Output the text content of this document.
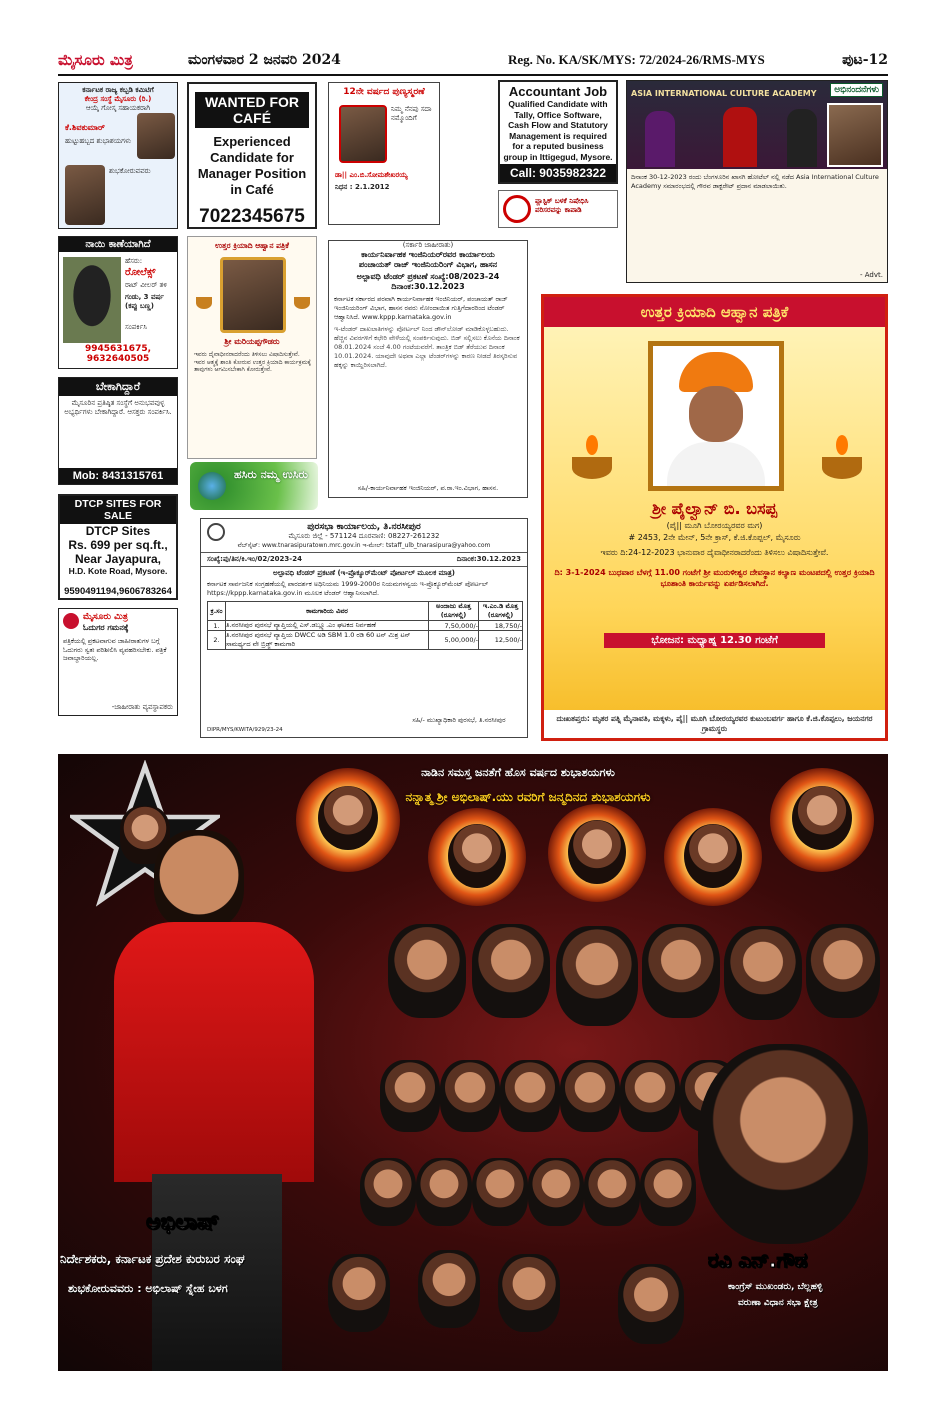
ಮೈಸೂರು ಮಿತ್ರ	ಮಂಗಳವಾರ 2 ಜನವರಿ 2024	Reg. No. KA/SK/MYS: 72/2024-26/RMS-MYS	ಪುಟ-12
ಕರ್ನಾಟಕ ರಾಜ್ಯ ಕಬ್ಬಡಿ ಕಮಿಟಿಗೆ
ಕೇಂದ್ರ ಸಂಸ್ಥೆ ಮೈಸೂರು (ರಿ.)
ಆಯ್ಕೆ ಗೋಸ್ಕ ಸಹಾಯಕರಾಗಿ
ಕೆ.ಶಿವಕುಮಾರ್
ಹುಟ್ಟುಹಬ್ಬದ ಶುಭಾಶಯಗಳು
ಶುಭಕೋರುವವರು
WANTED FOR CAFÉ
Experienced Candidate for Manager Position in Café
7022345675
12ನೇ ವರ್ಷದ ಪುಣ್ಯಸ್ಮರಣೆ
ನಿಮ್ಮ ನೆನಪು ಸದಾ ನಮ್ಮೊಂದಿಗೆ
ಡಾ|| ಎಂ.ಬಿ.ಸೋಮಶೇಖರಯ್ಯ
ನಿಧನ : 2.1.2012
Accountant Job
Qualified Candidate with Tally, Office Software, Cash Flow and Statutory Management is required for a reputed business group in Ittigegud, Mysore.
Call: 9035982322
ಪ್ಲಾಸ್ಟಿಕ್ ಬಳಕೆ ನಿಷೇಧಿಸಿ ಪರಿಸರವನ್ನು ಕಾಪಾಡಿ
ASIA INTERNATIONAL CULTURE ACADEMY	ಅಭಿನಂದನೆಗಳು
ದಿನಾಂಕ 30-12-2023 ರಂದು ಬೆಂಗಳೂರಿನ ಖಾಸಗಿ ಹೋಟೆಲ್ ನಲ್ಲಿ ನಡೆದ Asia International Culture Academy ಸಮಾರಂಭದಲ್ಲಿ ಗೌರವ ಡಾಕ್ಟರೇಟ್ ಪ್ರದಾನ ಮಾಡಲಾಯಿತು.
- Advt.
ನಾಯಿ ಕಾಣೆಯಾಗಿದೆ
ಹೆಸರು:
ರೋಲೆಕ್ಸ್
ರಾಟ್ ವೀಲರ್ ತಳಿ
ಗಂಡು, 3 ವರ್ಷ (ಕಪ್ಪು ಬಣ್ಣ)
ಸಂಪರ್ಕಿಸಿ
9945631675, 9632640505
ಉತ್ತರ ಕ್ರಿಯಾದಿ ಆಹ್ವಾನ ಪತ್ರಿಕೆ
ಶ್ರೀ ಮರಿಯಪ್ಪಗೌಡರು
ಇವರು ದೈವಾಧೀನರಾದರೆಂದು ತಿಳಿಸಲು ವಿಷಾದಿಸುತ್ತೇವೆ. ಇವರ ಆತ್ಮಕ್ಕೆ ಶಾಂತಿ ಕೋರುವ ಉತ್ತರ ಕ್ರಿಯಾದಿ ಕಾರ್ಯಕ್ರಮಕ್ಕೆ ತಾವುಗಳು ಆಗಮಿಸಬೇಕಾಗಿ ಕೋರುತ್ತೇವೆ.
(ಸರ್ಕಾರಿ ಜಾಹೀರಾತು)
ಕಾರ್ಯನಿರ್ವಾಹಕ ಇಂಜಿನಿಯರ್‌ರವರ ಕಾರ್ಯಾಲಯ
ಪಂಚಾಯತ್ ರಾಜ್ ಇಂಜಿನಿಯರಿಂಗ್ ವಿಭಾಗ, ಹಾಸನ
ಅಲ್ಪಾವಧಿ ಟೆಂಡರ್ ಪ್ರಕಟಣೆ ಸಂಖ್ಯೆ:08/2023-24
ದಿನಾಂಕ:30.12.2023
ಕರ್ನಾಟಕ ಸರ್ಕಾರದ ಪರವಾಗಿ ಕಾರ್ಯನಿರ್ವಾಹಕ ಇಂಜಿನಿಯರ್, ಪಂಚಾಯತ್ ರಾಜ್ ಇಂಜಿನಿಯರಿಂಗ್ ವಿಭಾಗ, ಹಾಸನ ರವರು ನೋಂದಾಯಿತ ಗುತ್ತಿಗೆದಾರರಿಂದ ಟೆಂಡರ್ ಆಹ್ವಾನಿಸಿದೆ. www.kppp.karnataka.gov.in
ಇ-ಟೆಂಡರ್ ದಾಖಲಾತಿಗಳನ್ನು ಪೋರ್ಟಲ್ ನಿಂದ ಡೌನ್‌ಲೋಡ್ ಮಾಡಿಕೊಳ್ಳಬಹುದು. ಹೆಚ್ಚಿನ ವಿವರಗಳಿಗೆ ಕಛೇರಿ ವೇಳೆಯಲ್ಲಿ ಸಂಪರ್ಕಿಸುವುದು. ಬಿಡ್ ಸಲ್ಲಿಸಲು ಕೊನೆಯ ದಿನಾಂಕ 08.01.2024 ಸಂಜೆ 4.00 ಗಂಟೆಯವರೆಗೆ. ತಾಂತ್ರಿಕ ಬಿಡ್ ತೆರೆಯುವ ದಿನಾಂಕ 10.01.2024. ಯಾವುದೇ ಅಥವಾ ಎಲ್ಲಾ ಟೆಂಡರ್‌ಗಳನ್ನು ಕಾರಣ ನೀಡದೆ ತಿರಸ್ಕರಿಸುವ ಹಕ್ಕನ್ನು ಕಾಯ್ದಿರಿಸಲಾಗಿದೆ.
ಸಹಿ/-ಕಾರ್ಯನಿರ್ವಾಹಕ ಇಂಜಿನಿಯರ್, ಪ.ರಾ.ಇಂ.ವಿಭಾಗ, ಹಾಸನ.
ಬೇಕಾಗಿದ್ದಾರೆ
ಮೈಸೂರಿನ ಪ್ರತಿಷ್ಠಿತ ಸಂಸ್ಥೆಗೆ ಅನುಭವವುಳ್ಳ ಅಭ್ಯರ್ಥಿಗಳು ಬೇಕಾಗಿದ್ದಾರೆ. ಆಸಕ್ತರು ಸಂಪರ್ಕಿಸಿ.
Mob: 8431315761	ಹಸಿರು ನಮ್ಮ ಉಸಿರು
DTCP SITES FOR SALE
DTCP Sites
Rs. 699 per sq.ft.,
Near Jayapura,
H.D. Kote Road, Mysore.
9590491194,9606783264
ಮೈಸೂರು ಮಿತ್ರ
ಓದುಗರ ಗಮನಕ್ಕೆ
ಪತ್ರಿಕೆಯಲ್ಲಿ ಪ್ರಕಟವಾಗುವ ಜಾಹೀರಾತುಗಳ ಬಗ್ಗೆ ಓದುಗರು ಸ್ವತಃ ಪರಿಶೀಲಿಸಿ ವ್ಯವಹರಿಸಬೇಕು. ಪತ್ರಿಕೆ ಜವಾಬ್ದಾರಿಯಲ್ಲ.
-ಜಾಹೀರಾತು ವ್ಯವಸ್ಥಾಪಕರು
ಪುರಸಭಾ ಕಾರ್ಯಾಲಯ, ತಿ.ನರಸೀಪುರ
ಮೈಸೂರು ಜಿಲ್ಲೆ - 571124 ದೂರವಾಣಿ: 08227-261232
ವೆಬ್‌ಸೈಟ್: www.tnarasipuratown.mrc.gov.in ಇ-ಮೇಲ್: tstaff_ulb_tnarasipura@yahoo.com
ಸಂಖ್ಯೆ:ಪು/ತಿನ/ಕಿ.ಇಂ/02/2023-24	ದಿನಾಂಕ:30.12.2023
ಅಲ್ಪಾವಧಿ ಟೆಂಡರ್ ಪ್ರಕಟಣೆ (ಇ-ಪ್ರೊಕ್ಯೂರ್‌ಮೆಂಟ್ ಪೋರ್ಟಲ್ ಮೂಲಕ ಮಾತ್ರ)
ಕರ್ನಾಟಕ ಸಾರ್ವಜನಿಕ ಸಂಗ್ರಹಣೆಯಲ್ಲಿ ಪಾರದರ್ಶಕ ಅಧಿನಿಯಮ 1999-2000ರ ನಿಯಮಗಳನ್ವಯ ಇ-ಪ್ರೊಕ್ಯೂರ್‌ಮೆಂಟ್ ಪೋರ್ಟಲ್ https://kppp.karnataka.gov.in ಮೂಲಕ ಟೆಂಡರ್ ಆಹ್ವಾನಿಸಲಾಗಿದೆ.
ಕ್ರ.ಸಂ	ಕಾಮಗಾರಿಯ ವಿವರ	ಅಂದಾಜು ಮೊತ್ತ (ರೂಗಳಲ್ಲಿ)	ಇ.ಎಂ.ಡಿ ಮೊತ್ತ (ರೂಗಳಲ್ಲಿ)
1.	ತಿ.ನರಸೀಪುರ ಪುರಸಭೆ ವ್ಯಾಪ್ತಿಯಲ್ಲಿ ಎಸ್.ಡಬ್ಲ್ಯೂ.ಎಂ ಘಟಕದ ನಿರ್ವಹಣೆ	7,50,000/-	18,750/-
2.	ತಿ.ನರಸೀಪುರ ಪುರಸಭೆ ವ್ಯಾಪ್ತಿಯ DWCC ಅಡಿ SBM 1.0 ರಡಿ 60 ಟನ್ ಮಿಶ್ರ ಟನ್ ಸಾಮರ್ಥ್ಯದ ವೇ ಬ್ರಿಡ್ಜ್ ಕಾಮಗಾರಿ	5,00,000/-	12,500/-
ಸಹಿ/- ಮುಖ್ಯಾಧಿಕಾರಿ ಪುರಸಭೆ, ತಿ.ನರಸೀಪುರ
DIPR/MYS/KWITA/929/23-24
ಉತ್ತರ ಕ್ರಿಯಾದಿ ಆಹ್ವಾನ ಪತ್ರಿಕೆ
ಶ್ರೀ ಪೈಲ್ವಾನ್ ಬಿ. ಬಸಪ್ಪ
(ಪೈ|| ಮೂಗಿ ಬೋರಯ್ಯರವರ ಮಗ)
# 2453, 2ನೇ ಮೇನ್, 5ನೇ ಕ್ರಾಸ್, ಕೆ.ಜಿ.ಕೊಪ್ಪಲ್, ಮೈಸೂರು
ಇವರು ದಿ:24-12-2023 ಭಾನುವಾರ ದೈವಾಧೀನರಾದರೆಂದು ತಿಳಿಸಲು ವಿಷಾದಿಸುತ್ತೇವೆ.
ದಿ: 3-1-2024 ಬುಧವಾರ ಬೆಳಗ್ಗೆ 11.00 ಗಂಟೆಗೆ ಶ್ರೀ ಮುರುಳೀಶ್ವರ ದೇವಸ್ಥಾನ ಕಲ್ಯಾಣ ಮಂಟಪದಲ್ಲಿ ಉತ್ತರ ಕ್ರಿಯಾದಿ ಭೂಶಾಂತಿ ಕಾರ್ಯವನ್ನು ಏರ್ಪಡಿಸಲಾಗಿದೆ.
ಭೋಜನ: ಮಧ್ಯಾಹ್ನ 12.30 ಗಂಟೆಗೆ
ದುಃಖತಪ್ತರು: ಮೃತರ ಪತ್ನಿ ಮೈನಾವತಿ, ಮಕ್ಕಳು, ಪೈ|| ಮೂಗಿ ಬೋರಯ್ಯರವರ ಕುಟುಂಬವರ್ಗ ಹಾಗೂ ಕೆ.ಜಿ.ಕೊಪ್ಪಲು, ಜಯನಗರ ಗ್ರಾಮಸ್ಥರು
ನಾಡಿನ ಸಮಸ್ತ ಜನತೆಗೆ ಹೊಸ ವರ್ಷದ ಶುಭಾಶಯಗಳು
ನನ್ನಾತ್ಮ ಶ್ರೀ ಅಭಿಲಾಷ್.ಯು ರವರಿಗೆ ಜನ್ಮದಿನದ ಶುಭಾಶಯಗಳು
ಅಭಿಲಾಷ್
ನಿರ್ದೇಶಕರು, ಕರ್ನಾಟಕ ಪ್ರದೇಶ ಕುರುಬರ ಸಂಘ
ಶುಭಕೋರುವವರು : ಅಭಿಲಾಷ್ ಸ್ನೇಹ ಬಳಗ
ರವಿ ಎನ್.ಗೌಡ
ಕಾಂಗ್ರೆಸ್ ಮುಖಂಡರು, ಬೆಲ್ಲಹಳ್ಳಿ
ವರುಣಾ ವಿಧಾನ ಸಭಾ ಕ್ಷೇತ್ರ
